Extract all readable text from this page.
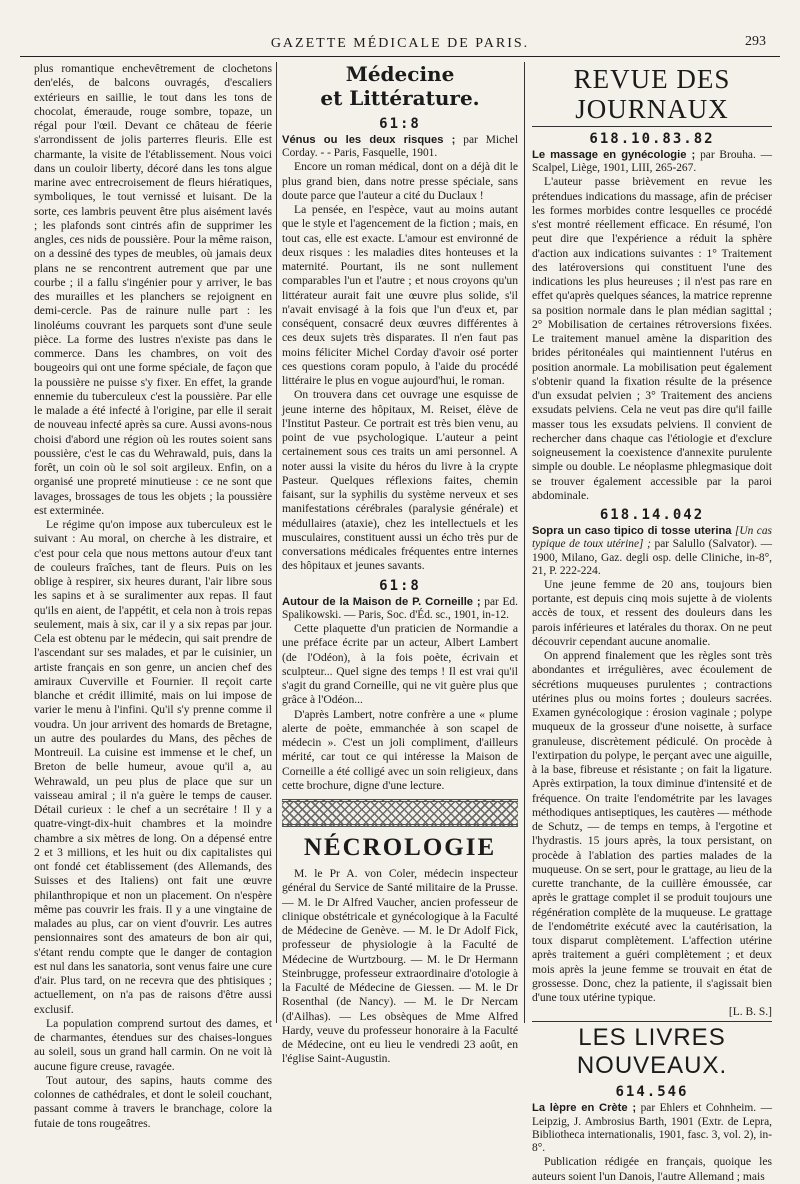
GAZETTE MÉDICALE DE PARIS.	293

plus romantique enchevêtrement de clochetons den'elés, de balcons ouvragés, d'escaliers extérieurs en saillie, le tout dans les tons de chocolat, émeraude, rouge sombre, topaze, un régal pour l'œil. Devant ce château de féerie s'arrondissent de jolis parterres fleuris. Elle est charmante, la visite de l'établissement. Nous voici dans un couloir liberty, décoré dans les tons algue marine avec entrecroisement de fleurs hiératiques, symboliques, le tout vernissé et luisant. De la sorte, ces lambris peuvent être plus aisément lavés ; les plafonds sont cintrés afin de supprimer les angles, ces nids de poussière. Pour la même raison, on a dessiné des types de meubles, où jamais deux plans ne se rencontrent autrement que par une courbe ; il a fallu s'ingénier pour y arriver, le bas des murailles et les planchers se rejoignent en demi-cercle. Pas de rainure nulle part : les linoléums couvrant les parquets sont d'une seule pièce. La forme des lustres n'existe pas dans le commerce. Dans les chambres, on voit des bougeoirs qui ont une forme spéciale, de façon que la poussière ne puisse s'y fixer. En effet, la grande ennemie du tuberculeux c'est la poussière. Par elle le malade a été infecté à l'origine, par elle il serait de nouveau infecté après sa cure. Aussi avons-nous choisi d'abord une région où les routes soient sans poussière, c'est le cas du Wehrawald, puis, dans la forêt, un coin où le sol soit argileux. Enfin, on a organisé une propreté minutieuse : ce ne sont que lavages, brossages de tous les objets ; la poussière est exterminée.

Le régime qu'on impose aux tuberculeux est le suivant : Au moral, on cherche à les distraire, et c'est pour cela que nous mettons autour d'eux tant de couleurs fraîches, tant de fleurs. Puis on les oblige à respirer, six heures durant, l'air libre sous les sapins et à se suralimenter aux repas. Il faut qu'ils en aient, de l'appétit, et cela non à trois repas seulement, mais à six, car il y a six repas par jour. Cela est obtenu par le médecin, qui sait prendre de l'ascendant sur ses malades, et par le cuisinier, un artiste français en son genre, un ancien chef des amiraux Cuverville et Fournier. Il reçoit carte blanche et crédit illimité, mais on lui impose de varier le menu à l'infini. Qu'il s'y prenne comme il voudra. Un jour arrivent des homards de Bretagne, un autre des poulardes du Mans, des pêches de Montreuil. La cuisine est immense et le chef, un Breton de belle humeur, avoue qu'il a, au Wehrawald, un peu plus de place que sur un vaisseau amiral ; il n'a guère le temps de causer. Détail curieux : le chef a un secrétaire ! Il y a quatre-vingt-dix-huit chambres et la moindre chambre a six mètres de long. On a dépensé entre 2 et 3 millions, et les huit ou dix capitalistes qui ont fondé cet établissement (des Allemands, des Suisses et des Italiens) ont fait une œuvre philanthropique et non un placement. On n'espère même pas couvrir les frais. Il y a une vingtaine de malades au plus, car on vient d'ouvrir. Les autres pensionnaires sont des amateurs de bon air qui, s'étant rendu compte que le danger de contagion est nul dans les sanatoria, sont venus faire une cure d'air. Plus tard, on ne recevra que des phtisiques ; actuellement, on n'a pas de raisons d'être aussi exclusif.

La population comprend surtout des dames, et de charmantes, étendues sur des chaises-longues au soleil, sous un grand hall carmin. On ne voit là aucune figure creuse, ravagée.

Tout autour, des sapins, hauts comme des colonnes de cathédrales, et dont le soleil couchant, passant comme à travers le branchage, colore la futaie de tons rougeâtres.

Médecine
et Littérature.
61:8
Vénus ou les deux risques ; par Michel Corday. - - Paris, Fasquelle, 1901.

Encore un roman médical, dont on a déjà dit le plus grand bien, dans notre presse spéciale, sans doute parce que l'auteur a cité du Duclaux !

La pensée, en l'espèce, vaut au moins autant que le style et l'agencement de la fiction ; mais, en tout cas, elle est exacte. L'amour est environné de deux risques : les maladies dites honteuses et la maternité. Pourtant, ils ne sont nullement comparables l'un et l'autre ; et nous croyons qu'un littérateur aurait fait une œuvre plus solide, s'il n'avait envisagé à la fois que l'un d'eux et, par conséquent, consacré deux œuvres différentes à ces deux sujets très disparates. Il n'en faut pas moins féliciter Michel Corday d'avoir osé porter ces questions coram populo, à l'aide du procédé littéraire le plus en vogue aujourd'hui, le roman.

On trouvera dans cet ouvrage une esquisse de jeune interne des hôpitaux, M. Reiset, élève de l'Institut Pasteur. Ce portrait est très bien venu, au point de vue psychologique. L'auteur a peint certainement sous ces traits un ami personnel. A noter aussi la visite du héros du livre à la crypte Pasteur. Quelques réflexions faites, chemin faisant, sur la syphilis du système nerveux et ses manifestations cérébrales (paralysie générale) et médullaires (ataxie), chez les intellectuels et les musculaires, constituent aussi un écho très pur de conversations médicales fréquentes entre internes des hôpitaux et jeunes savants.

61:8
Autour de la Maison de P. Corneille ; par Ed. Spalikowski. — Paris, Soc. d'Éd. sc., 1901, in-12.

Cette plaquette d'un praticien de Normandie a une préface écrite par un acteur, Albert Lambert (de l'Odéon), à la fois poète, écrivain et sculpteur... Quel signe des temps ! Il est vrai qu'il s'agit du grand Corneille, qui ne vit guère plus que grâce à l'Odéon...

D'après Lambert, notre confrère a une « plume alerte de poète, emmanchée à son scapel de médecin ». C'est un joli compliment, d'ailleurs mérité, car tout ce qui intéresse la Maison de Corneille a été colligé avec un soin religieux, dans cette brochure, digne d'une lecture.

NÉCROLOGIE

M. le Pr A. von Coler, médecin inspecteur général du Service de Santé militaire de la Prusse. — M. le Dr Alfred Vaucher, ancien professeur de clinique obstétricale et gynécologique à la Faculté de Médecine de Genève. — M. le Dr Adolf Fick, professeur de physiologie à la Faculté de Médecine de Wurtzbourg. — M. le Dr Hermann Steinbrugge, professeur extraordinaire d'otologie à la Faculté de Médecine de Giessen. — M. le Dr Rosenthal (de Nancy). — M. le Dr Nercam (d'Ailhas). — Les obsèques de Mme Alfred Hardy, veuve du professeur honoraire à la Faculté de Médecine, ont eu lieu le vendredi 23 août, en l'église Saint-Augustin.

REVUE DES JOURNAUX
618.10.83.82
Le massage en gynécologie ; par Brouha. — Scalpel, Liège, 1901, LIII, 265-267.

L'auteur passe brièvement en revue les prétendues indications du massage, afin de préciser les formes morbides contre lesquelles ce procédé s'est montré réellement efficace. En résumé, l'on peut dire que l'expérience a réduit la sphère d'action aux indications suivantes : 1° Traitement des latéroversions qui constituent l'une des indications les plus heureuses ; il n'est pas rare en effet qu'après quelques séances, la matrice reprenne sa position normale dans le plan médian sagittal ; 2° Mobilisation de certaines rétroversions fixées. Le traitement manuel amène la disparition des brides péritonéales qui maintiennent l'utérus en position anormale. La mobilisation peut également s'obtenir quand la fixation résulte de la présence d'un exsudat pelvien ; 3° Traitement des anciens exsudats pelviens. Cela ne veut pas dire qu'il faille masser tous les exsudats pelviens. Il convient de rechercher dans chaque cas l'étiologie et d'exclure soigneusement la coexistence d'annexite purulente simple ou double. Le néoplasme phlegmasique doit se trouver également accessible par la paroi abdominale.

618.14.042
Sopra un caso tipico di tosse uterina [Un cas typique de toux utérine] ; par Salullo (Salvator). — 1900, Milano, Gaz. degli osp. delle Cliniche, in-8°, 21, P. 222-224.

Une jeune femme de 20 ans, toujours bien portante, est depuis cinq mois sujette à de violents accès de toux, et ressent des douleurs dans les parois inférieures et latérales du thorax. On ne peut découvrir cependant aucune anomalie.

On apprend finalement que les règles sont très abondantes et irrégulières, avec écoulement de sécrétions muqueuses purulentes ; contractions utérines plus ou moins fortes ; douleurs sacrées. Examen gynécologique : érosion vaginale ; polype muqueux de la grosseur d'une noisette, à surface granuleuse, discrètement pédiculé. On procède à l'extirpation du polype, le perçant avec une aiguille, à la base, fibreuse et résistante ; on fait la ligature. Après extirpation, la toux diminue d'intensité et de fréquence. On traite l'endométrite par les lavages méthodiques antiseptiques, les cautères — méthode de Schutz, — de temps en temps, à l'ergotine et l'hydrastis. 15 jours après, la toux persistant, on procède à l'ablation des parties malades de la muqueuse. On se sert, pour le grattage, au lieu de la curette tranchante, de la cuillère émoussée, car après le grattage complet il se produit toujours une régénération complète de la muqueuse. Le grattage de l'endométrite exécuté avec la cautérisation, la toux disparut complètement. L'affection utérine après traitement a guéri complètement ; et deux mois après la jeune femme se trouvait en état de grossesse. Donc, chez la patiente, il s'agissait bien d'une toux utérine typique.

[L. B. S.]
LES LIVRES
NOUVEAUX.
614.546
La lèpre en Crète ; par Ehlers et Cohnheim. — Leipzig, J. Ambrosius Barth, 1901 (Extr. de Lepra, Bibliotheca internationalis, 1901, fasc. 3, vol. 2), in-8°.

Publication rédigée en français, quoique les auteurs soient l'un Danois, l'autre Allemand ; mais
